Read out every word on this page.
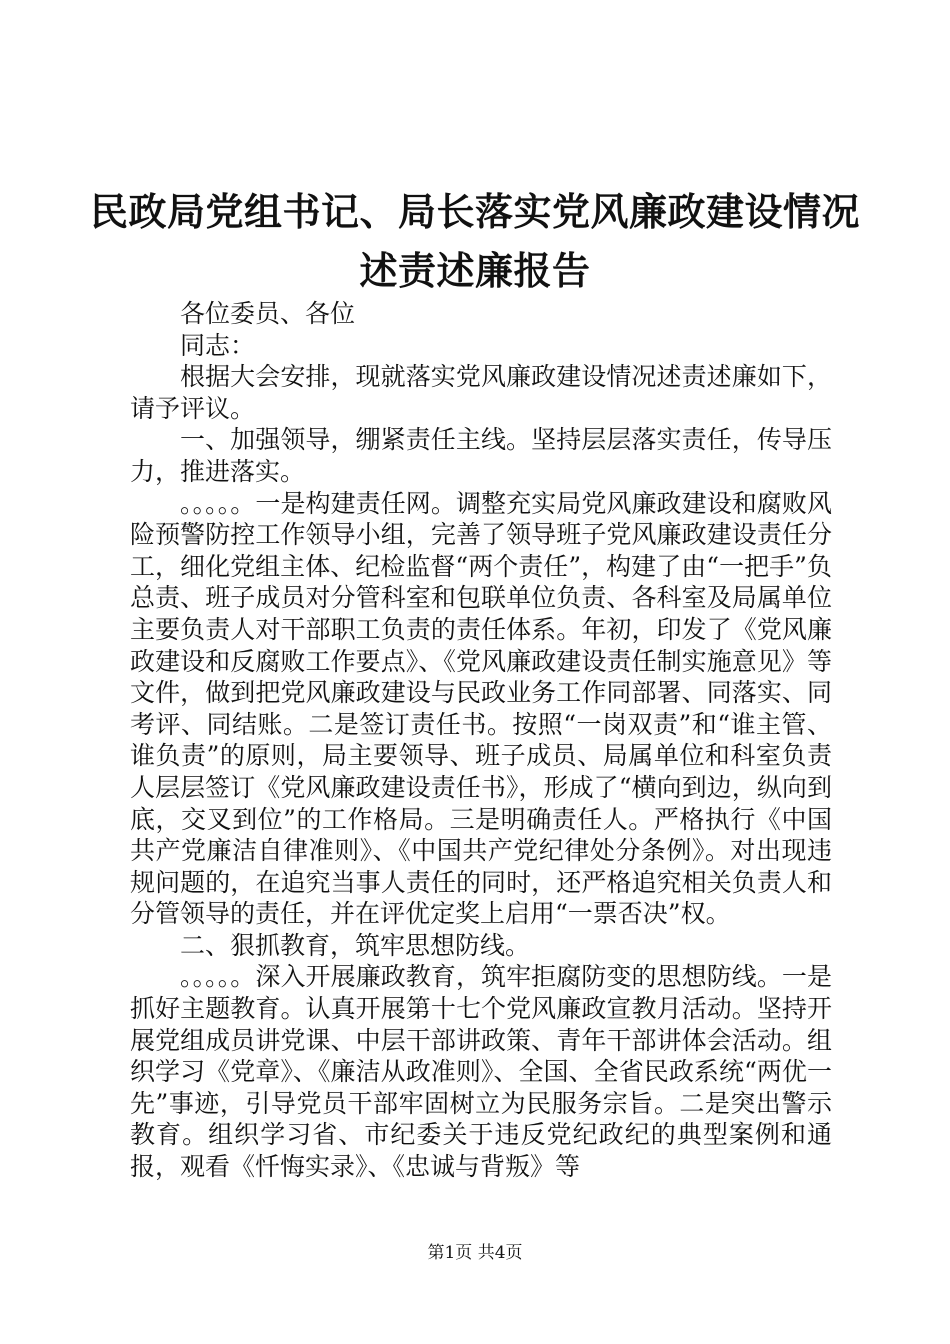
民政局党组书记、局长落实党风廉政建设情况
述责述廉报告

各位委员、各位

同志：

根据大会安排，现就落实党风廉政建设情况述责述廉如下，请予评议。

一、加强领导，绷紧责任主线。坚持层层落实责任，传导压力，推进落实。

。。。。。一是构建责任网。调整充实局党风廉政建设和腐败风险预警防控工作领导小组，完善了领导班子党风廉政建设责任分工，细化党组主体、纪检监督“两个责任”，构建了由“一把手”负总责、班子成员对分管科室和包联单位负责、各科室及局属单位主要负责人对干部职工负责的责任体系。年初，印发了《党风廉政建设和反腐败工作要点》、《党风廉政建设责任制实施意见》等文件，做到把党风廉政建设与民政业务工作同部署、同落实、同考评、同结账。二是签订责任书。按照“一岗双责”和“谁主管、谁负责”的原则，局主要领导、班子成员、局属单位和科室负责人层层签订《党风廉政建设责任书》，形成了“横向到边，纵向到底，交叉到位”的工作格局。三是明确责任人。严格执行《中国共产党廉洁自律准则》、《中国共产党纪律处分条例》。对出现违规问题的，在追究当事人责任的同时，还严格追究相关负责人和分管领导的责任，并在评优定奖上启用“一票否决”权。

二、狠抓教育，筑牢思想防线。

。。。。。深入开展廉政教育，筑牢拒腐防变的思想防线。一是抓好主题教育。认真开展第十七个党风廉政宣教月活动。坚持开展党组成员讲党课、中层干部讲政策、青年干部讲体会活动。组织学习《党章》、《廉洁从政准则》、全国、全省民政系统“两优一先”事迹，引导党员干部牢固树立为民服务宗旨。二是突出警示教育。组织学习省、市纪委关于违反党纪政纪的典型案例和通报，观看《忏悔实录》、《忠诚与背叛》等

第1页 共4页
